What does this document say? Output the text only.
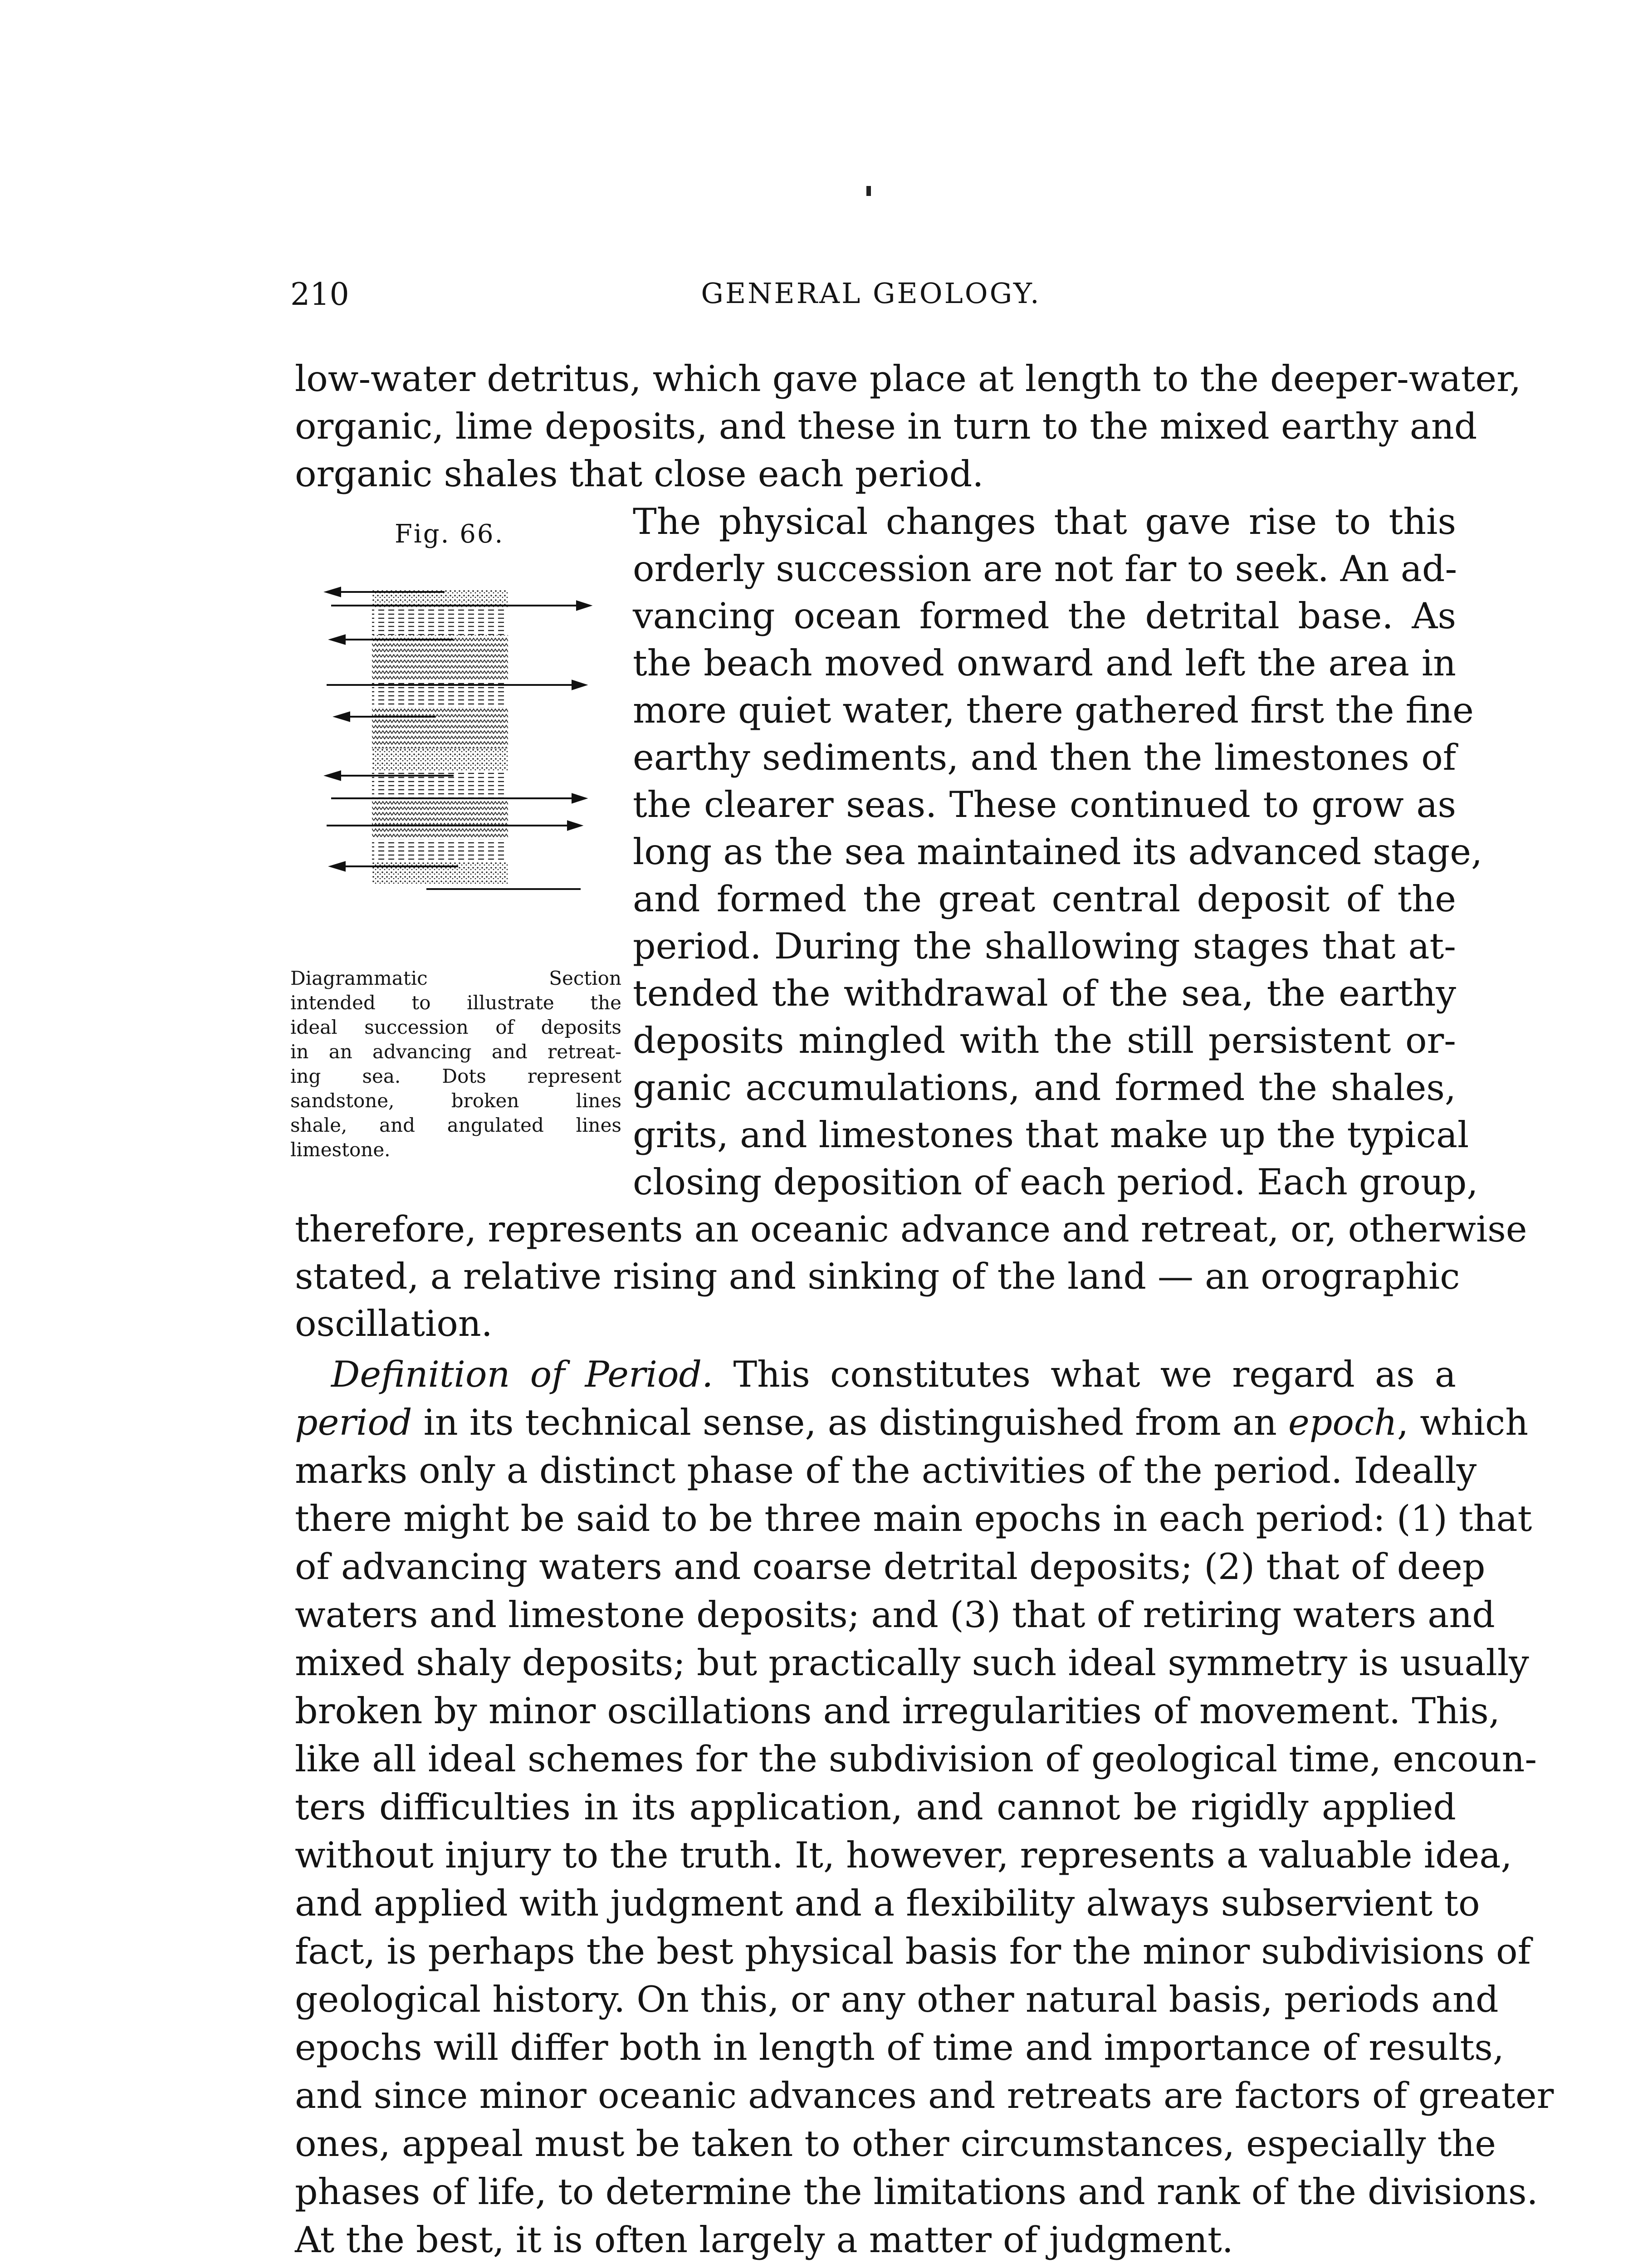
210	GENERAL GEOLOGY.
low-water detritus, which gave place at length to the deeper-water,
organic, lime deposits, and these in turn to the mixed earthy and
organic shales that close each period.
Fig. 66.
Diagrammatic Section
intended to illustrate the
ideal succession of deposits
in an advancing and retreat-
ing sea. Dots represent
sandstone, broken lines
shale, and angulated lines
limestone.
The physical changes that gave rise to this
orderly succession are not far to seek. An ad-
vancing ocean formed the detrital base. As
the beach moved onward and left the area in
more quiet water, there gathered first the fine
earthy sediments, and then the limestones of
the clearer seas. These continued to grow as
long as the sea maintained its advanced stage,
and formed the great central deposit of the
period. During the shallowing stages that at-
tended the withdrawal of the sea, the earthy
deposits mingled with the still persistent or-
ganic accumulations, and formed the shales,
grits, and limestones that make up the typical
closing deposition of each period. Each group,
therefore, represents an oceanic advance and retreat, or, otherwise
stated, a relative rising and sinking of the land — an orographic
oscillation.
Definition of Period. This constitutes what we regard as a
period in its technical sense, as distinguished from an epoch, which
marks only a distinct phase of the activities of the period. Ideally
there might be said to be three main epochs in each period: (1) that
of advancing waters and coarse detrital deposits; (2) that of deep
waters and limestone deposits; and (3) that of retiring waters and
mixed shaly deposits; but practically such ideal symmetry is usually
broken by minor oscillations and irregularities of movement. This,
like all ideal schemes for the subdivision of geological time, encoun-
ters difficulties in its application, and cannot be rigidly applied
without injury to the truth. It, however, represents a valuable idea,
and applied with judgment and a flexibility always subservient to
fact, is perhaps the best physical basis for the minor subdivisions of
geological history. On this, or any other natural basis, periods and
epochs will differ both in length of time and importance of results,
and since minor oceanic advances and retreats are factors of greater
ones, appeal must be taken to other circumstances, especially the
phases of life, to determine the limitations and rank of the divisions.
At the best, it is often largely a matter of judgment.
